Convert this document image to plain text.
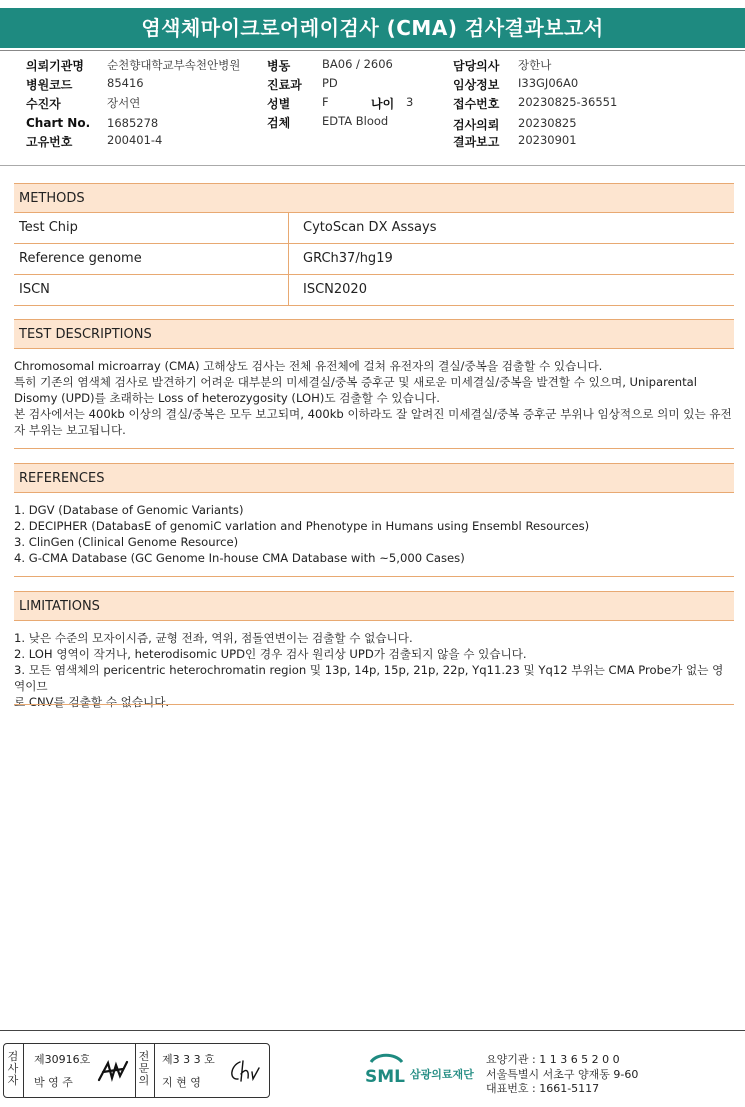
염색체마이크로어레이검사 (CMA) 검사결과보고서
의뢰기관명 순천향대학교부속천안병원
병원코드	85416
수진자	장서연
Chart No. 1685278
고유번호	200401-4
병동	BA06 / 2606
진료과 PD
성별	F	나이 3
검체	EDTA Blood
담당의사 장한나
임상정보 I33GJ06A0
접수번호 20230825-36551
검사의뢰 20230825
결과보고 20230901
METHODS
Test Chip	CytoScan DX Assays
Reference genome	GRCh37/hg19
ISCN	ISCN2020
TEST DESCRIPTIONS
Chromosomal microarray (CMA) 고해상도 검사는 전체 유전체에 걸쳐 유전자의 결실/중복을 검출할 수 있습니다.
특히 기존의 염색체 검사로 발견하기 어려운 대부분의 미세결실/중복 증후군 및 새로운 미세결실/중복을 발견할 수 있으며, Uniparental
Disomy (UPD)를 초래하는 Loss of heterozygosity (LOH)도 검출할 수 있습니다.
본 검사에서는 400kb 이상의 결실/중복은 모두 보고되며, 400kb 이하라도 잘 알려진 미세결실/중복 증후군 부위나 임상적으로 의미 있는 유전
자 부위는 보고됩니다.
REFERENCES
1. DGV (Database of Genomic Variants)
2. DECIPHER (DatabasE of genomiC varIation and Phenotype in Humans using Ensembl Resources)
3. ClinGen (Clinical Genome Resource)
4. G-CMA Database (GC Genome In-house CMA Database with ~5,000 Cases)
LIMITATIONS
1. 낮은 수준의 모자이시즘, 균형 전좌, 역위, 점돌연변이는 검출할 수 없습니다.
2. LOH 영역이 작거나, heterodisomic UPD인 경우 검사 원리상 UPD가 검출되지 않을 수 있습니다.
3. 모든 염색체의 pericentric heterochromatin region 및 13p, 14p, 15p, 21p, 22p, Yq11.23 및 Yq12 부위는 CMA Probe가 없는 영역이므
로 CNV를 검출할 수 없습니다.
검
사
자
제30916호
박 영 주
전
문
의
제3 3 3 호
지 현 영	SML 삼광의료재단
요양기관 : 1 1 3 6 5 2 0 0
서울특별시 서초구 양재동 9-60
대표번호 : 1661-5117
